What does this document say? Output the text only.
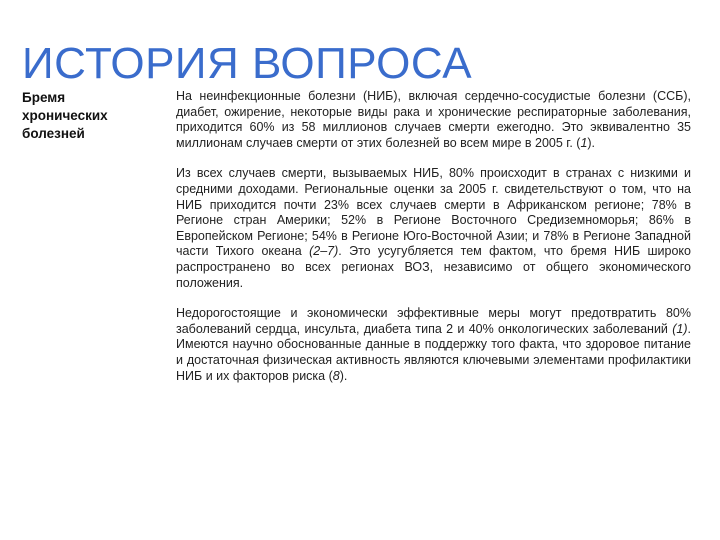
ИСТОРИЯ ВОПРОСА
Бремя хронических болезней

На неинфекционные болезни (НИБ), включая сердечно-сосудистые болезни (ССБ), диабет, ожирение, некоторые виды рака и хронические респираторные заболевания, приходится 60% из 58 миллионов случаев смерти ежегодно. Это эквивалентно 35 миллионам случаев смерти от этих болезней во всем мире в 2005 г. (1).

Из всех случаев смерти, вызываемых НИБ, 80% происходит в странах с низкими и средними доходами. Региональные оценки за 2005 г. свидетельствуют о том, что на НИБ приходится почти 23% всех случаев смерти в Африканском регионе; 78% в Регионе стран Америки; 52% в Регионе Восточного Средиземноморья; 86% в Европейском Регионе; 54% в Регионе Юго-Восточной Азии; и 78% в Регионе Западной части Тихого океана (2–7). Это усугубляется тем фактом, что бремя НИБ широко распространено во всех регионах ВОЗ, независимо от общего экономического положения.

Недорогостоящие и экономически эффективные меры могут предотвратить 80% заболеваний сердца, инсульта, диабета типа 2 и 40% онкологических заболеваний (1). Имеются научно обоснованные данные в поддержку того факта, что здоровое питание и достаточная физическая активность являются ключевыми элементами профилактики НИБ и их факторов риска (8).
